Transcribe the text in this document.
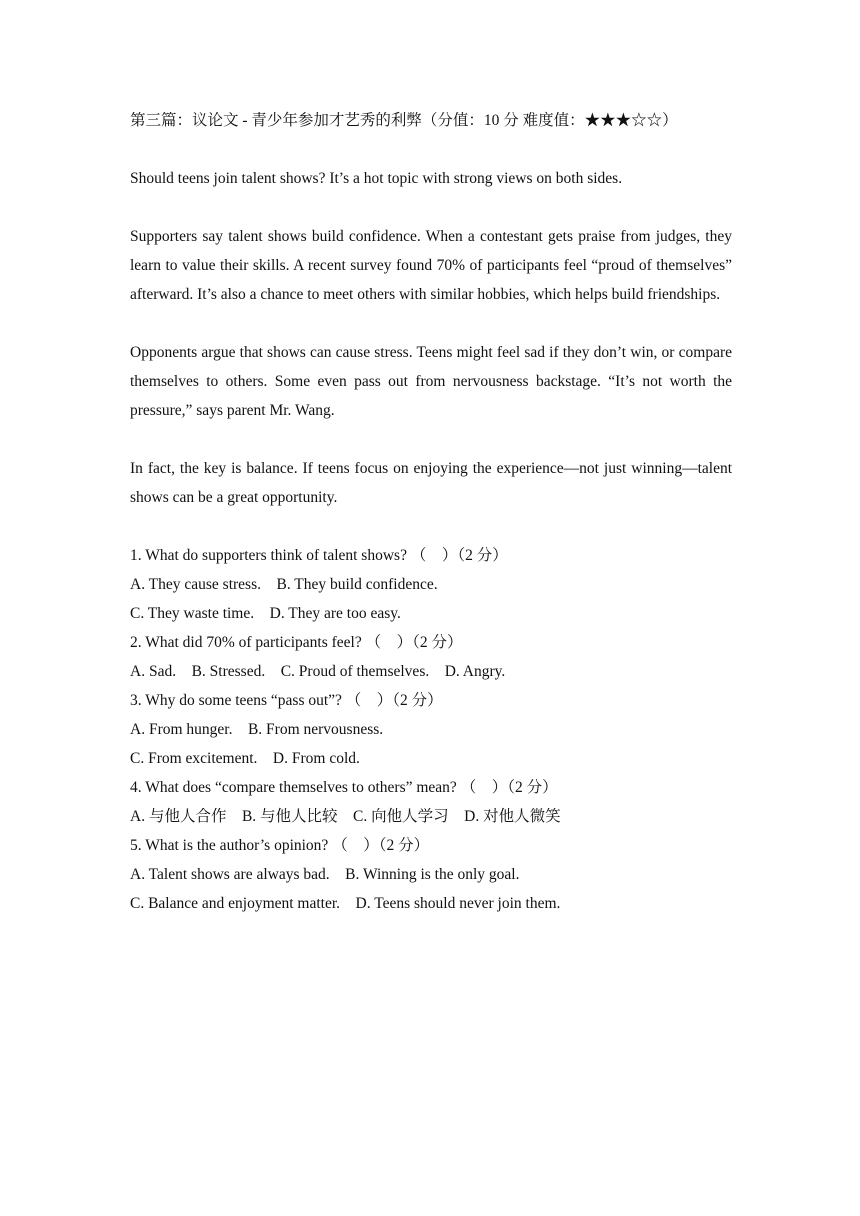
第三篇：议论文 - 青少年参加才艺秀的利弊（分值：10 分 难度值：★★★☆☆）
Should teens join talent shows? It’s a hot topic with strong views on both sides.
Supporters say talent shows build confidence. When a contestant gets praise from judges, they learn to value their skills. A recent survey found 70% of participants feel “proud of themselves” afterward. It’s also a chance to meet others with similar hobbies, which helps build friendships.
Opponents argue that shows can cause stress. Teens might feel sad if they don’t win, or compare themselves to others. Some even pass out from nervousness backstage. “It’s not worth the pressure,” says parent Mr. Wang.
In fact, the key is balance. If teens focus on enjoying the experience—not just winning—talent shows can be a great opportunity.
1. What do supporters think of talent shows? （　）（2 分）
A. They cause stress.　B. They build confidence.
C. They waste time.　D. They are too easy.
2. What did 70% of participants feel? （　）（2 分）
A. Sad.　B. Stressed.　C. Proud of themselves.　D. Angry.
3. Why do some teens “pass out”? （　）（2 分）
A. From hunger.　B. From nervousness.
C. From excitement.　D. From cold.
4. What does “compare themselves to others” mean? （　）（2 分）
A. 与他人合作　B. 与他人比较　C. 向他人学习　D. 对他人微笑
5. What is the author’s opinion? （　）（2 分）
A. Talent shows are always bad.　B. Winning is the only goal.
C. Balance and enjoyment matter.　D. Teens should never join them.
